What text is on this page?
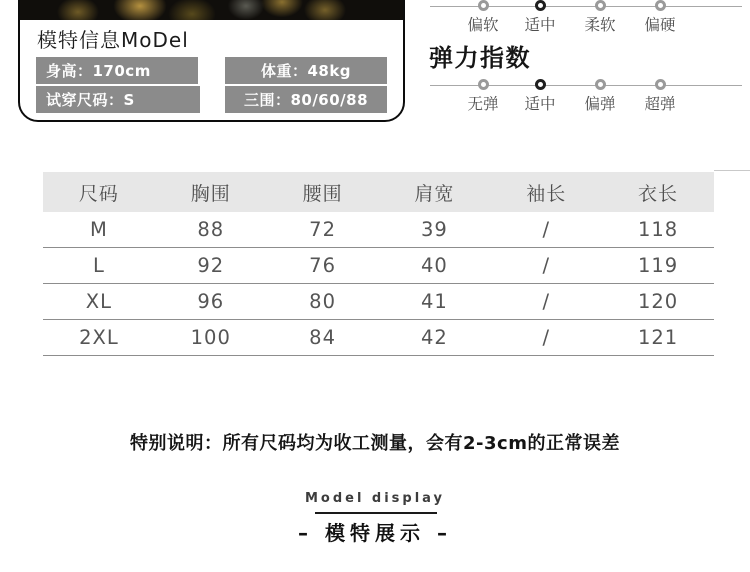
模特信息MoDel
身高：170cm	体重：48kg
试穿尺码：S	三围：80/60/88
偏软	适中	柔软	偏硬
弹力指数
无弹	适中	偏弹	超弹
尺码	胸围	腰围	肩宽	袖长	衣长
M	88	72	39	/	118
L	92	76	40	/	119
XL	96	80	41	/	120
2XL	100	84	42	/	121
特别说明：所有尺码均为收工测量，会有2-3cm的正常误差
Model display
– 模特展示 –
